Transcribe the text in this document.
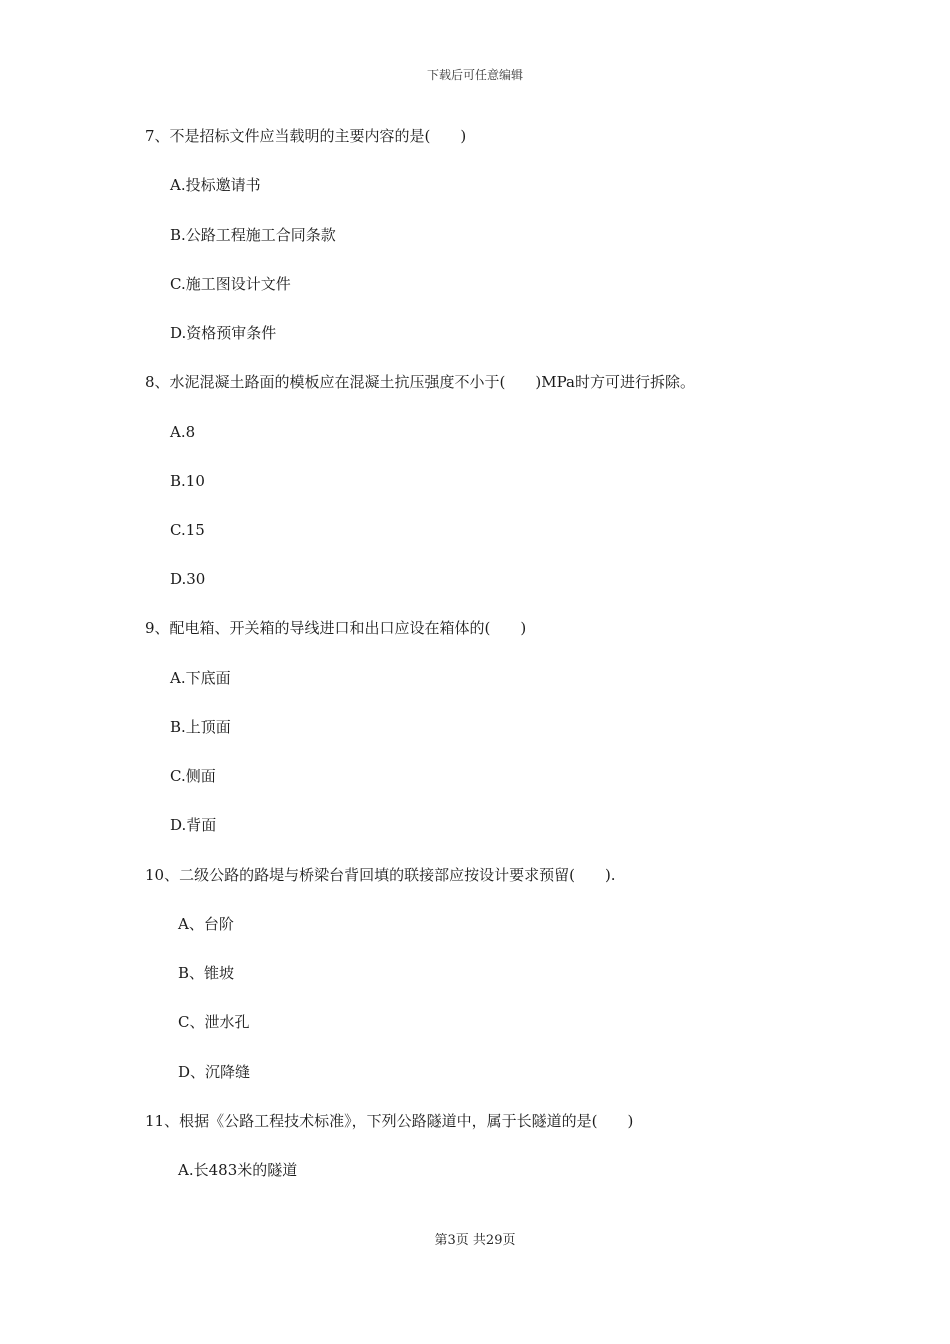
下载后可任意编辑
7、不是招标文件应当载明的主要内容的是(　　)
A.投标邀请书
B.公路工程施工合同条款
C.施工图设计文件
D.资格预审条件
8、水泥混凝土路面的模板应在混凝土抗压强度不小于(　　)MPa时方可进行拆除。
A.8
B.10
C.15
D.30
9、配电箱、开关箱的导线进口和出口应设在箱体的(　　)
A.下底面
B.上顶面
C.侧面
D.背面
10、二级公路的路堤与桥梁台背回填的联接部应按设计要求预留(　　).
A、台阶
B、锥坡
C、泄水孔
D、沉降缝
11、根据《公路工程技术标准》，下列公路隧道中，属于长隧道的是(　　)
A.长483米的隧道
第3页 共29页
